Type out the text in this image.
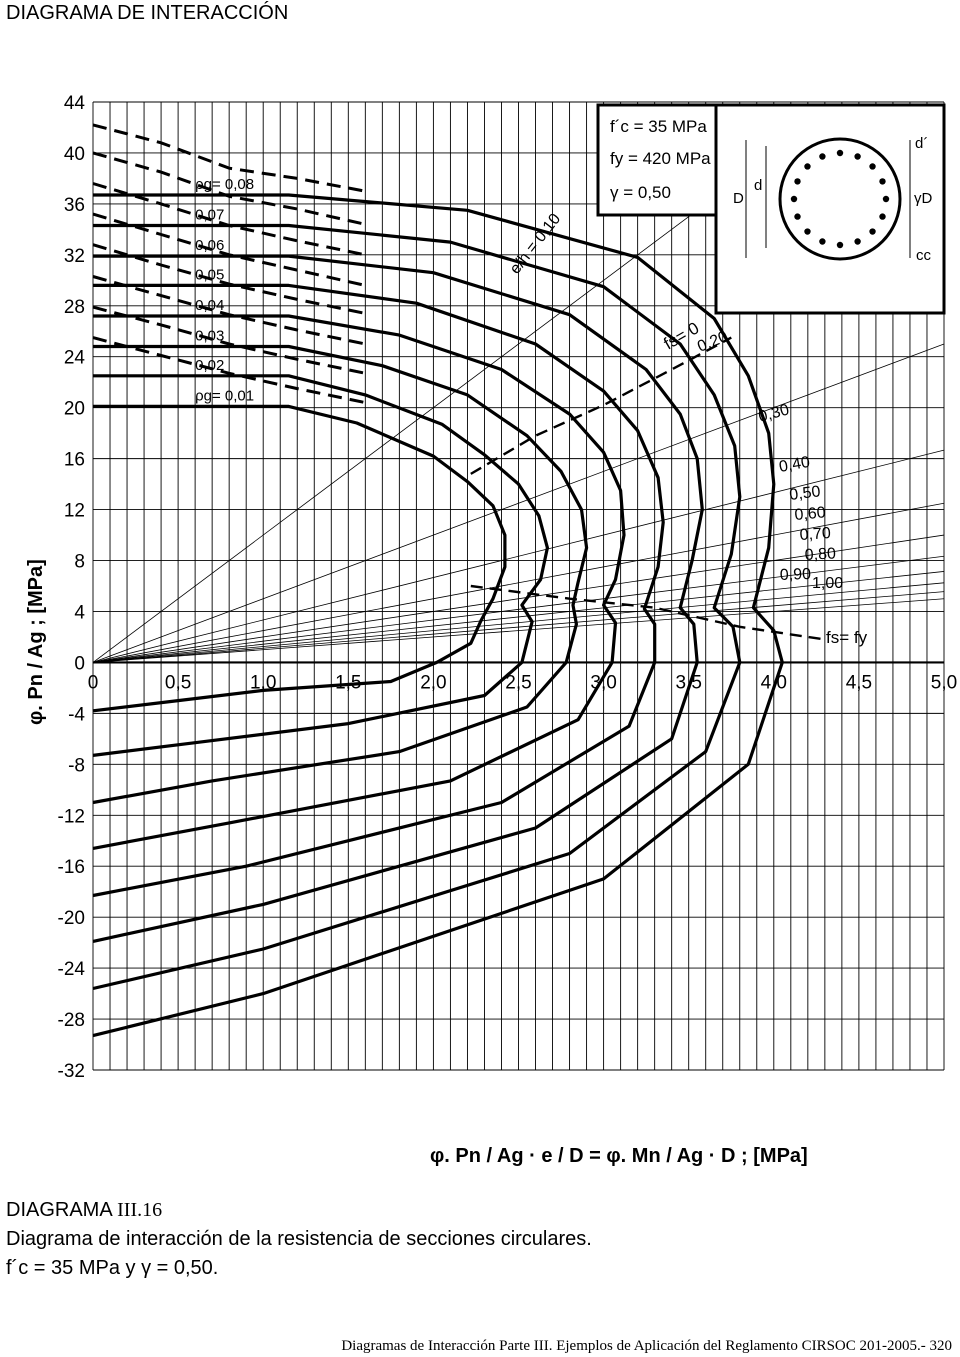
DIAGRAMA DE INTERACCIÓN
e/h = 0,10
0,20
0,30
0,40
0,50
0,60
0,70
0,80
0,90 1,00
ρg= 0,01
0,02
0,03
0,04
0,05
0,06
0,07
ρg= 0,08
0	0,5	1,0	1,5	2,0	2,5	3,0	3,5	4,0	4,5	5,0
44
40
36
32
28
24
20
16
12
8
4
0
-4
-8
-12
-16
-20
-24
-28
-32
f´c = 35 MPa
fy = 420 MPa
γ = 0,50	D
d
d´
γD
cc
fs= 0
fs= fy
φ. Pn / Ag ; [MPa]
φ. Pn / Ag · e / D = φ. Mn / Ag · D ; [MPa]
DIAGRAMA III.16
Diagrama de interacción de la resistencia de secciones circulares.
f´c = 35 MPa y γ = 0,50.
Diagramas de Interacción Parte III. Ejemplos de Aplicación del Reglamento CIRSOC 201-2005.- 320
